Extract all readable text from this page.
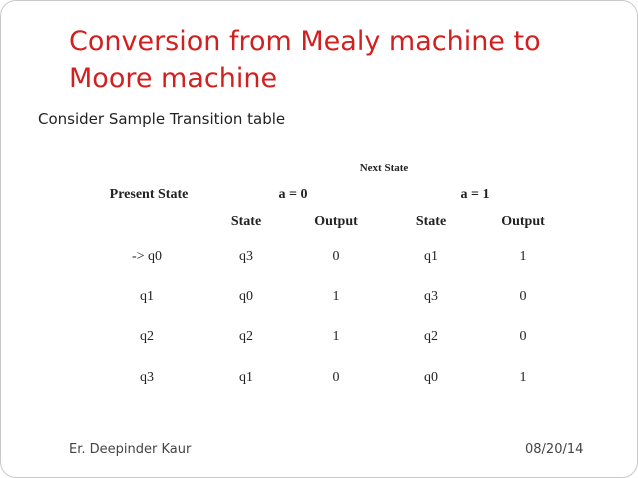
Conversion from Mealy machine to
Moore machine
Consider Sample Transition table
Next State
Present State	a = 0	a = 1
State	Output	State	Output
-> q0	q3	0	q1	1
q1	q0	1	q3	0
q2	q2	1	q2	0
q3	q1	0	q0	1
Er. Deepinder Kaur	08/20/14
